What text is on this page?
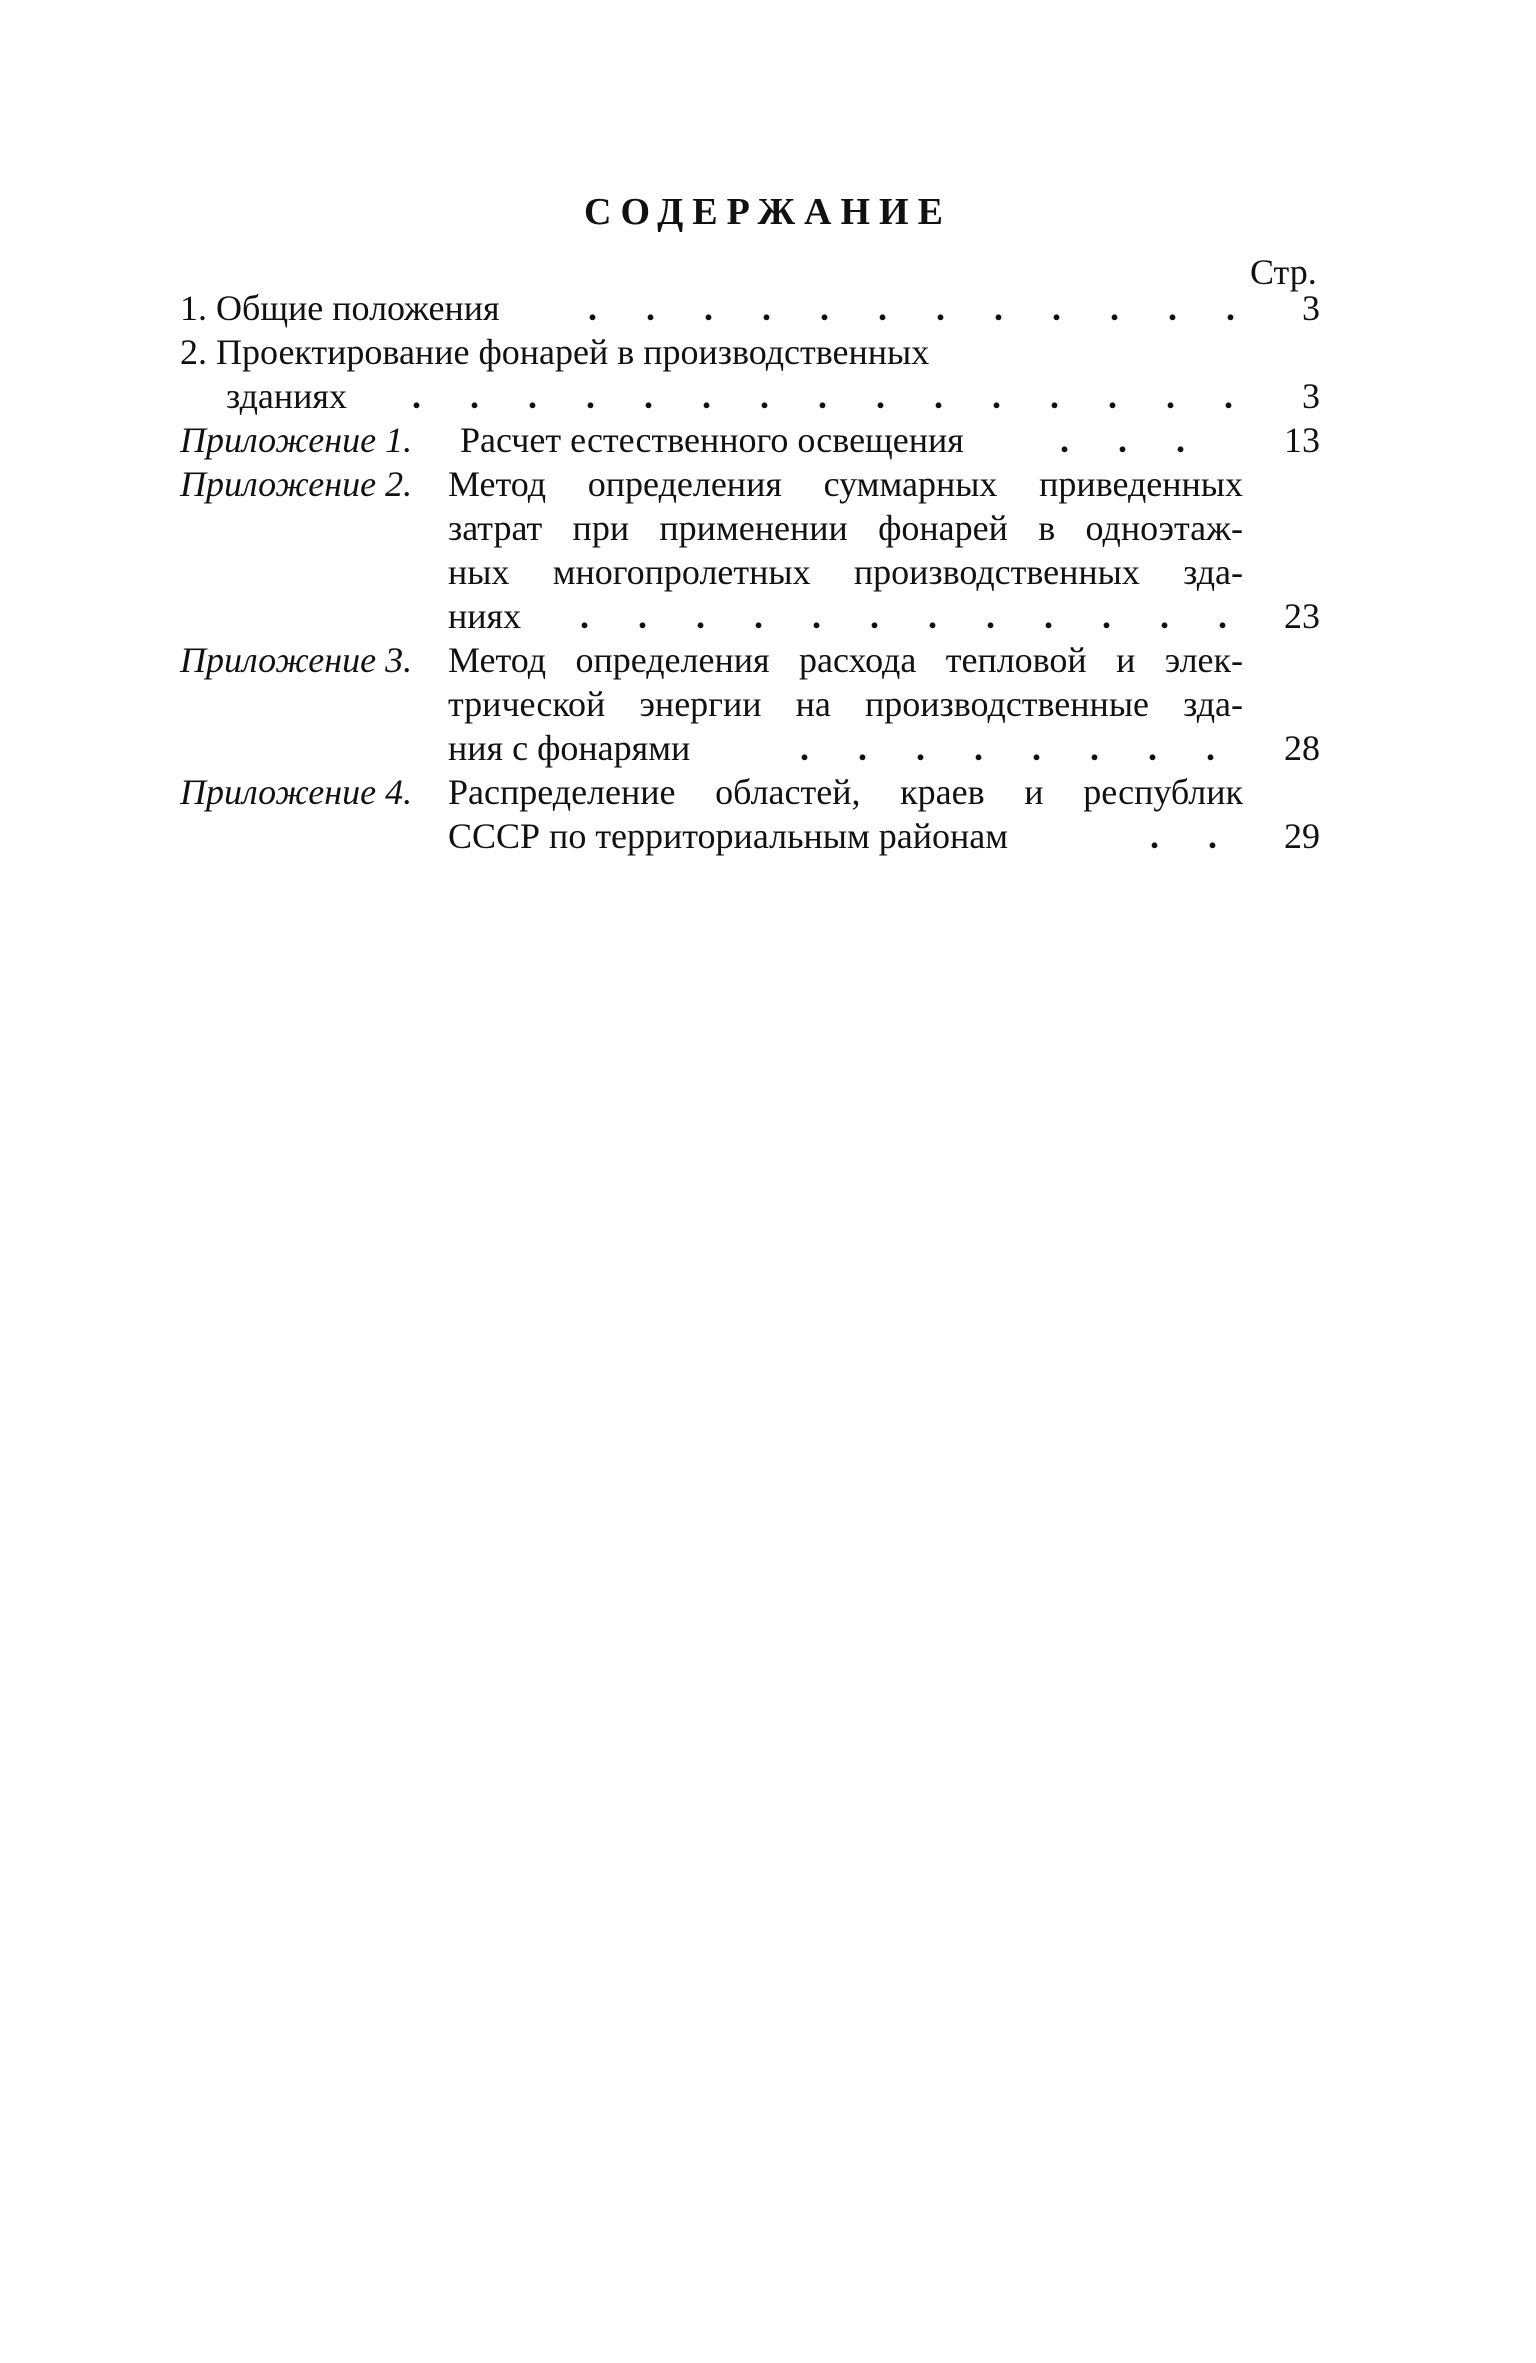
СОДЕРЖАНИЕ
Стр.
1. Общие положения . . . . . . . . . . . .	3
2. Проектирование фонарей в производственных
зданиях . . . . . . . . . . . . . . .	3
Приложение 1. Расчет естественного освещения	. . .	13
Приложение 2. Метод определения суммарных приведенных
затрат при применении фонарей в одноэтаж-
ных многопролетных производственных зда-
ниях . . . . . . . . . . . .	23
Приложение 3. Метод определения расхода тепловой и элек-
трической энергии на производственные зда-
ния с фонарями	. . . . . . . .	28
Приложение 4. Распределение областей, краев и республик
СССР по территориальным районам	. .	29
